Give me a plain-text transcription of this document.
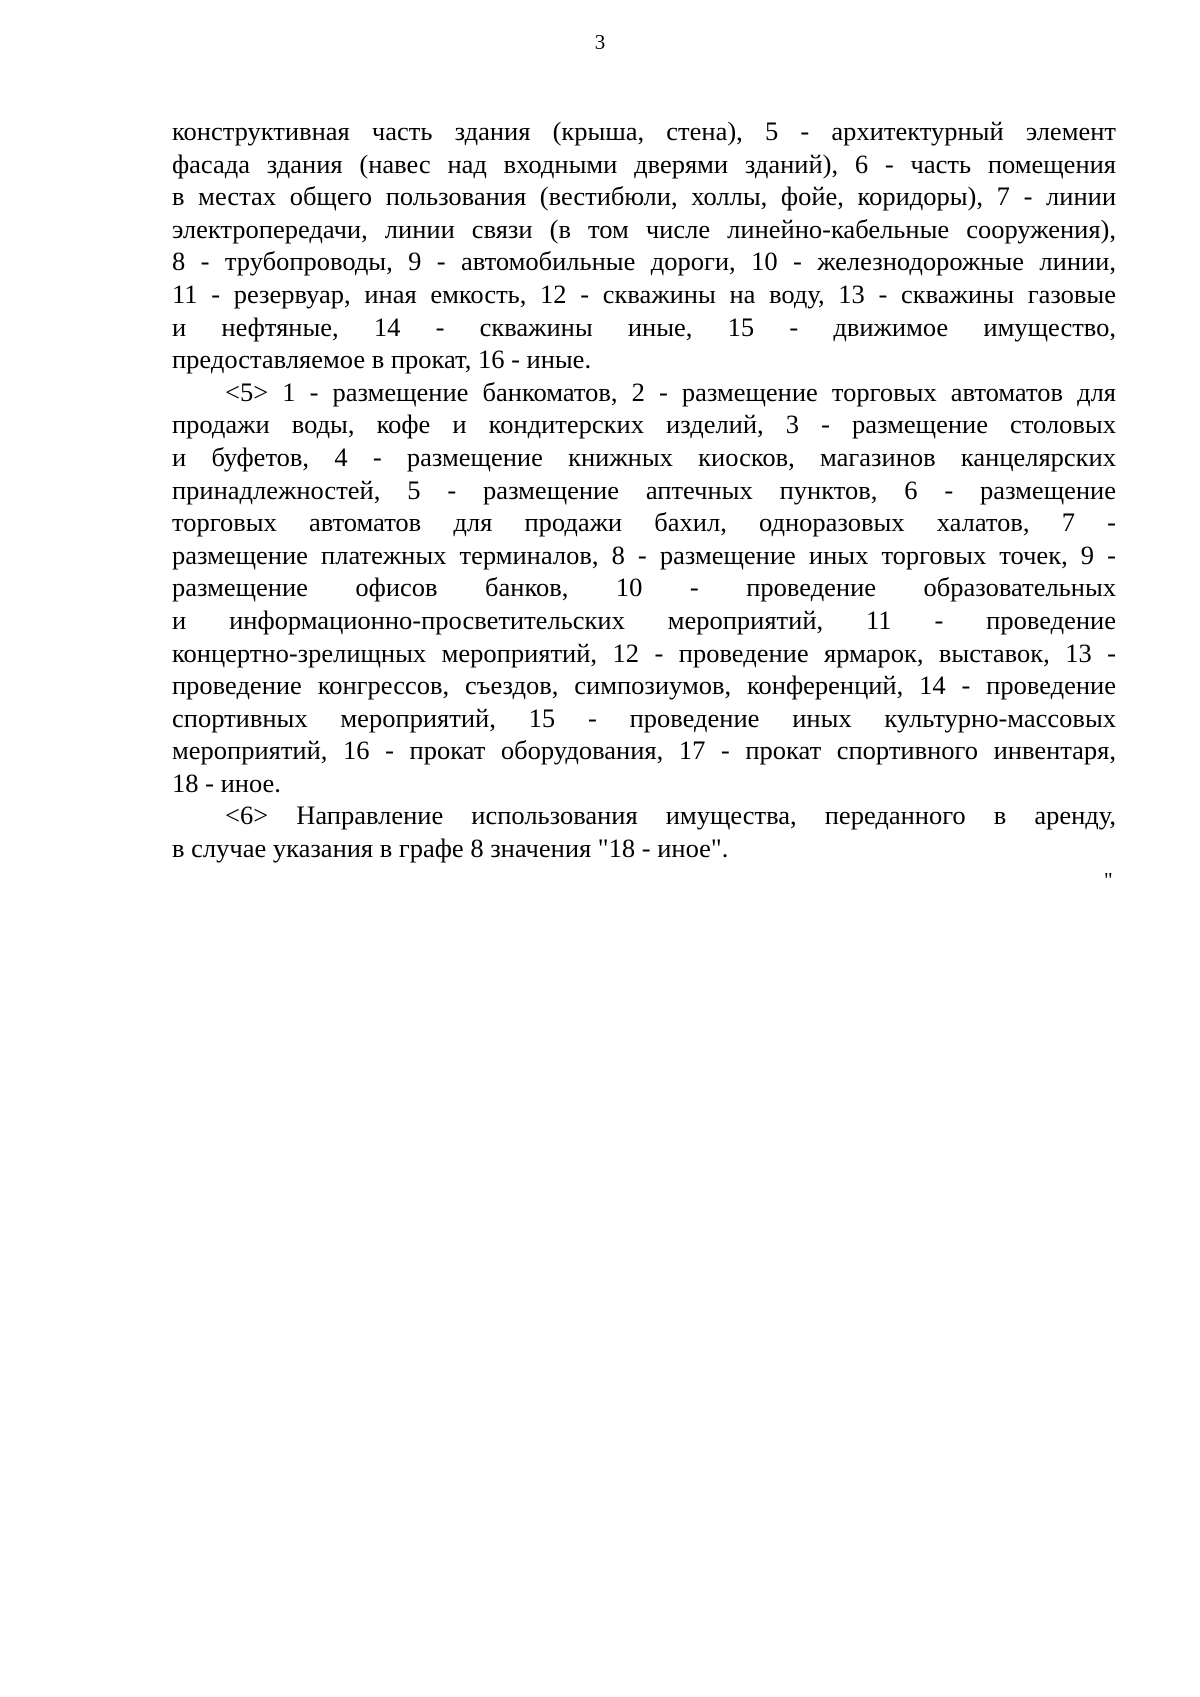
3
конструктивная часть здания (крыша, стена), 5 - архитектурный элемент
фасада здания (навес над входными дверями зданий), 6 - часть помещения
в местах общего пользования (вестибюли, холлы, фойе, коридоры), 7 - линии
электропередачи, линии связи (в том числе линейно-кабельные сооружения),
8 - трубопроводы, 9 - автомобильные дороги, 10 - железнодорожные линии,
11 - резервуар, иная емкость, 12 - скважины на воду, 13 - скважины газовые
и нефтяные, 14 - скважины иные, 15 - движимое имущество,
предоставляемое в прокат, 16 - иные.
<5> 1 - размещение банкоматов, 2 - размещение торговых автоматов для
продажи воды, кофе и кондитерских изделий, 3 - размещение столовых
и буфетов, 4 - размещение книжных киосков, магазинов канцелярских
принадлежностей, 5 - размещение аптечных пунктов, 6 - размещение
торговых автоматов для продажи бахил, одноразовых халатов, 7 -
размещение платежных терминалов, 8 - размещение иных торговых точек, 9 -
размещение офисов банков, 10 - проведение образовательных
и информационно-просветительских мероприятий, 11 - проведение
концертно-зрелищных мероприятий, 12 - проведение ярмарок, выставок, 13 -
проведение конгрессов, съездов, симпозиумов, конференций, 14 - проведение
спортивных мероприятий, 15 - проведение иных культурно-массовых
мероприятий, 16 - прокат оборудования, 17 - прокат спортивного инвентаря,
18 - иное.
<6> Направление использования имущества, переданного в аренду,
в случае указания в графе 8 значения "18 - иное".
"
